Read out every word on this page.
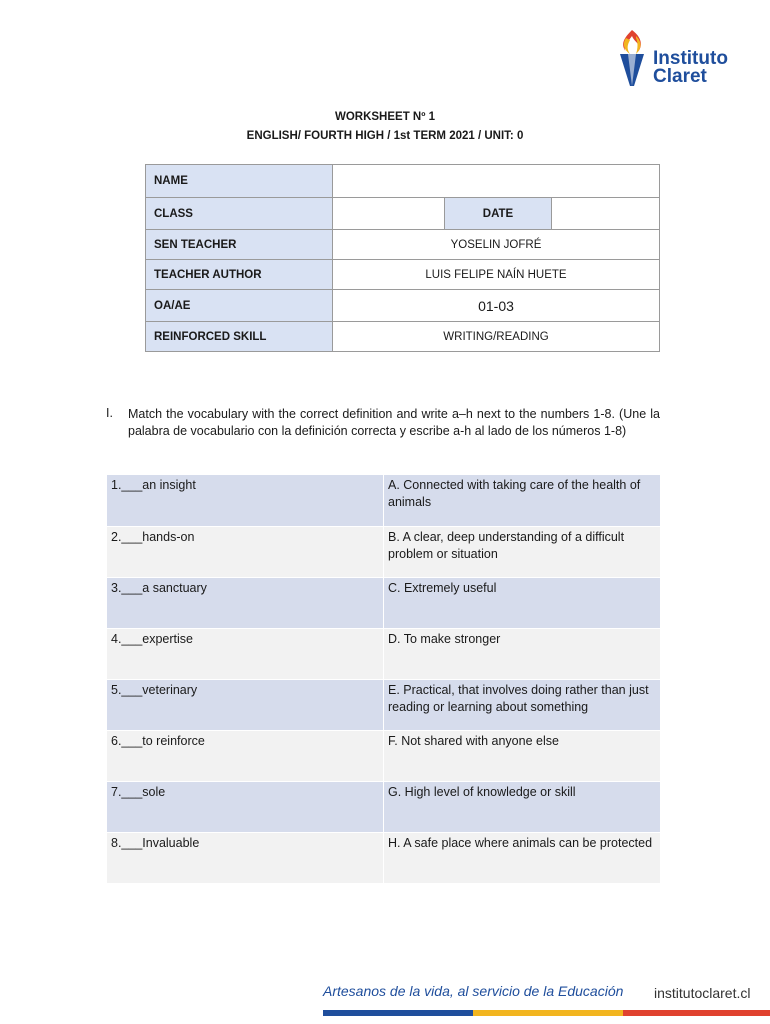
Instituto
Claret
WORKSHEET Nº 1
ENGLISH/ FOURTH HIGH / 1st TERM 2021 / UNIT: 0
NAME			
CLASS		DATE	
SEN TEACHER	YOSELIN JOFRÉ		
TEACHER AUTHOR	LUIS FELIPE NAÍN HUETE		
OA/AE	01-03		
REINFORCED SKILL	WRITING/READING		
I. Match the vocabulary with the correct definition and write a–h next to the numbers 1-8. (Une la palabra de vocabulario con la definición correcta y escribe a-h al lado de los números 1-8)
1.___an insight	A. Connected with taking care of the health of animals
2.___hands-on	B. A clear, deep understanding of a difficult problem or situation
3.___a sanctuary	C. Extremely useful
4.___expertise	D. To make stronger
5.___veterinary	E. Practical, that involves doing rather than just reading or learning about something
6.___to reinforce	F. Not shared with anyone else
7.___sole	G. High level of knowledge or skill
8.___Invaluable	H. A safe place where animals can be protected
Artesanos de la vida, al servicio de la Educación institutoclaret.cl
